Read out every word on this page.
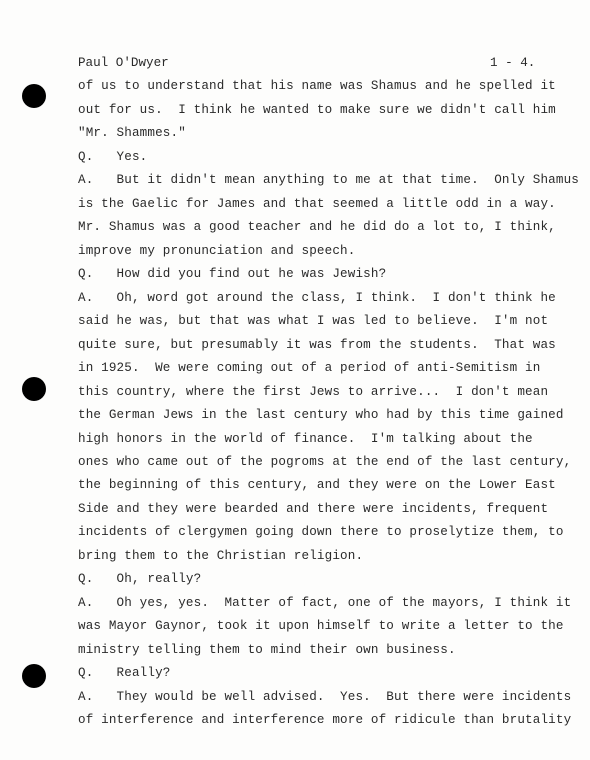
Paul O'Dwyer	1 - 4.
of us to understand that his name was Shamus and he spelled it
out for us.  I think he wanted to make sure we didn't call him
"Mr. Shammes."
Q.   Yes.
A.   But it didn't mean anything to me at that time.  Only Shamus
is the Gaelic for James and that seemed a little odd in a way.
Mr. Shamus was a good teacher and he did do a lot to, I think,
improve my pronunciation and speech.
Q.   How did you find out he was Jewish?
A.   Oh, word got around the class, I think.  I don't think he
said he was, but that was what I was led to believe.  I'm not
quite sure, but presumably it was from the students.  That was
in 1925.  We were coming out of a period of anti-Semitism in
this country, where the first Jews to arrive...  I don't mean
the German Jews in the last century who had by this time gained
high honors in the world of finance.  I'm talking about the
ones who came out of the pogroms at the end of the last century,
the beginning of this century, and they were on the Lower East
Side and they were bearded and there were incidents, frequent
incidents of clergymen going down there to proselytize them, to
bring them to the Christian religion.
Q.   Oh, really?
A.   Oh yes, yes.  Matter of fact, one of the mayors, I think it
was Mayor Gaynor, took it upon himself to write a letter to the
ministry telling them to mind their own business.
Q.   Really?
A.   They would be well advised.  Yes.  But there were incidents
of interference and interference more of ridicule than brutality
